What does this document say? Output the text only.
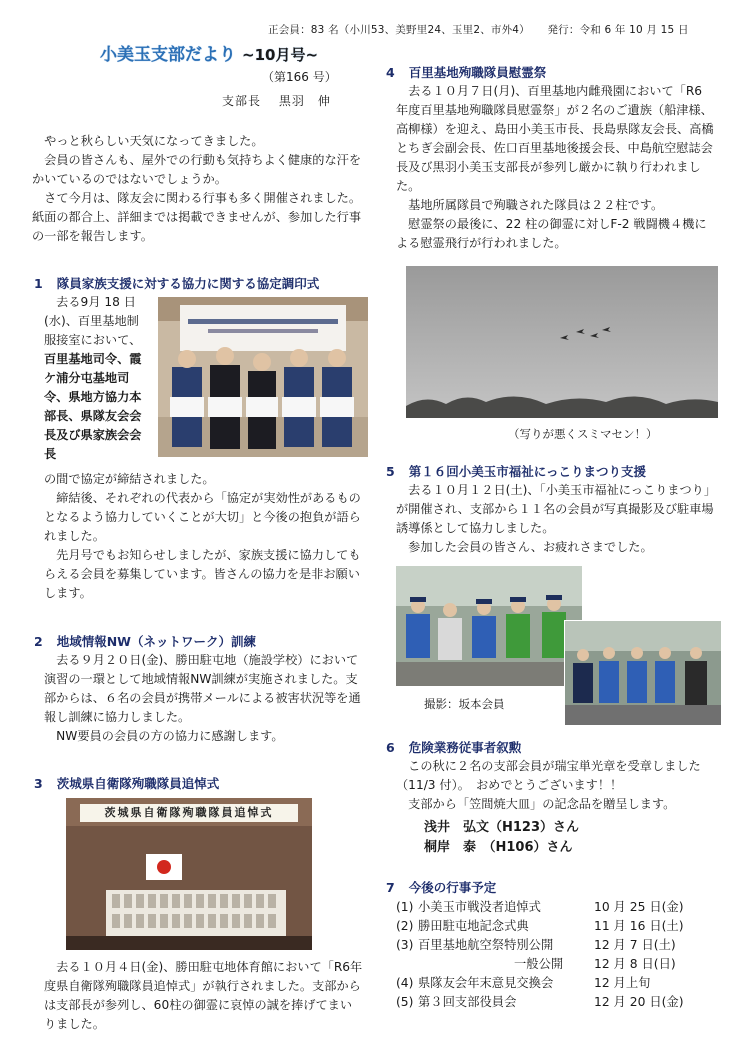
正会員：83 名（小川53、美野里24、玉里2、市外4） 発行：令和 6 年 10 月 15 日
小美玉支部だより ~10月号~
（第166 号）
支部長　 黒羽　伸

　やっと秋らしい天気になってきました。

　会員の皆さんも、屋外での行動も気持ちよく健康的な汗をかいているのではないでしょうか。

　さて今月は、隊友会に関わる行事も多く開催されました。紙面の都合上、詳細までは掲載できませんが、参加した行事の一部を報告します。

1 隊員家族支援に対する協力に関する協定調印式
　去る9月 18 日(水)、百里基地制服接室において、百里基地司令、霞ケ浦分屯基地司令、県地方協力本部長、県隊友会会長及び県家族会会長

の間で協定が締結されました。

　締結後、それぞれの代表から「協定が実効性があるものとなるよう協力していくことが大切」と今後の抱負が語られました。

　先月号でもお知らせしましたが、家族支援に協力してもらえる会員を募集しています。皆さんの協力を是非お願いします。

2 地域情報NW（ネットワーク）訓練

　去る９月２０日(金)、勝田駐屯地（施設学校）において演習の一環として地域情報NW訓練が実施されました。支部からは、６名の会員が携帯メールによる被害状況等を通報し訓練に協力しました。

　NW要員の会員の方の協力に感謝します。

3 茨城県自衛隊殉職隊員追悼式
茨城県自衛隊殉職隊員追悼式

　去る１０月４日(金)、勝田駐屯地体育館において「R6年度県自衛隊殉職隊員追悼式」が執行されました。支部からは支部長が参列し、60柱の御霊に哀悼の誠を捧げてまいりました。

4 百里基地殉職隊員慰霊祭

　去る１０月７日(月)、百里基地内雌飛園において「R6 年度百里基地殉職隊員慰霊祭」が２名のご遺族（船津様、高柳様）を迎え、島田小美玉市長、長島県隊友会長、高橋とちぎ会副会長、佐口百里基地後援会長、中島航空慰誌会長及び黒羽小美玉支部長が参列し厳かに執り行われました。

　基地所属隊員で殉職された隊員は２２柱です。

　慰霊祭の最後に、22 柱の御霊に対しF-2 戦闘機４機による慰霊飛行が行われました。

（写りが悪くスミマセン！）
5 第１６回小美玉市福祉にっこりまつり支援

　去る１０月１２日(土)、「小美玉市福祉にっこりまつり」が開催され、支部から１１名の会員が写真撮影及び駐車場誘導係として協力しました。

　参加した会員の皆さん、お疲れさまでした。

撮影：坂本会員
6 危険業務従事者叙勲

　この秋に２名の支部会員が瑞宝単光章を受章しました（11/3 付）。　おめでとうございます！！

　支部から「笠間焼大皿」の記念品を贈呈します。

浅井　弘文（H123）さん

桐岸　泰　（H106）さん

7 今後の行事予定
(1) 小美玉市戦没者追悼式	10 月 25 日(金)
(2) 勝田駐屯地記念式典	11 月 16 日(土)
(3) 百里基地航空祭特別公開	12 月 7 日(土)
一般公開	12 月 8 日(日)
(4) 県隊友会年末意見交換会	12 月上旬
(5) 第３回支部役員会	12 月 20 日(金)
